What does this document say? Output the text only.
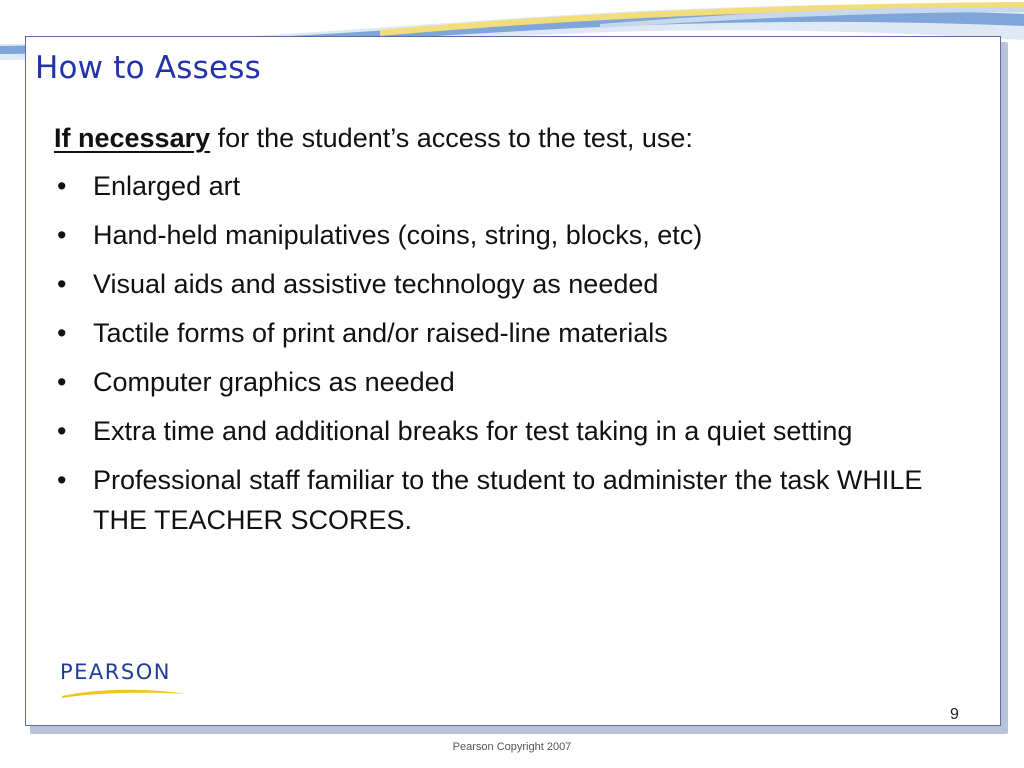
How to Assess

If necessary for the student’s access to the test, use:

• Enlarged art
• Hand-held manipulatives (coins, string, blocks, etc)
• Visual aids and assistive technology as needed
• Tactile forms of print and/or raised-line materials
• Computer graphics as needed
• Extra time and additional breaks for test taking in a quiet setting
• Professional staff familiar to the student to administer the task WHILE THE TEACHER SCORES.

PEARSON

9
Pearson Copyright 2007
